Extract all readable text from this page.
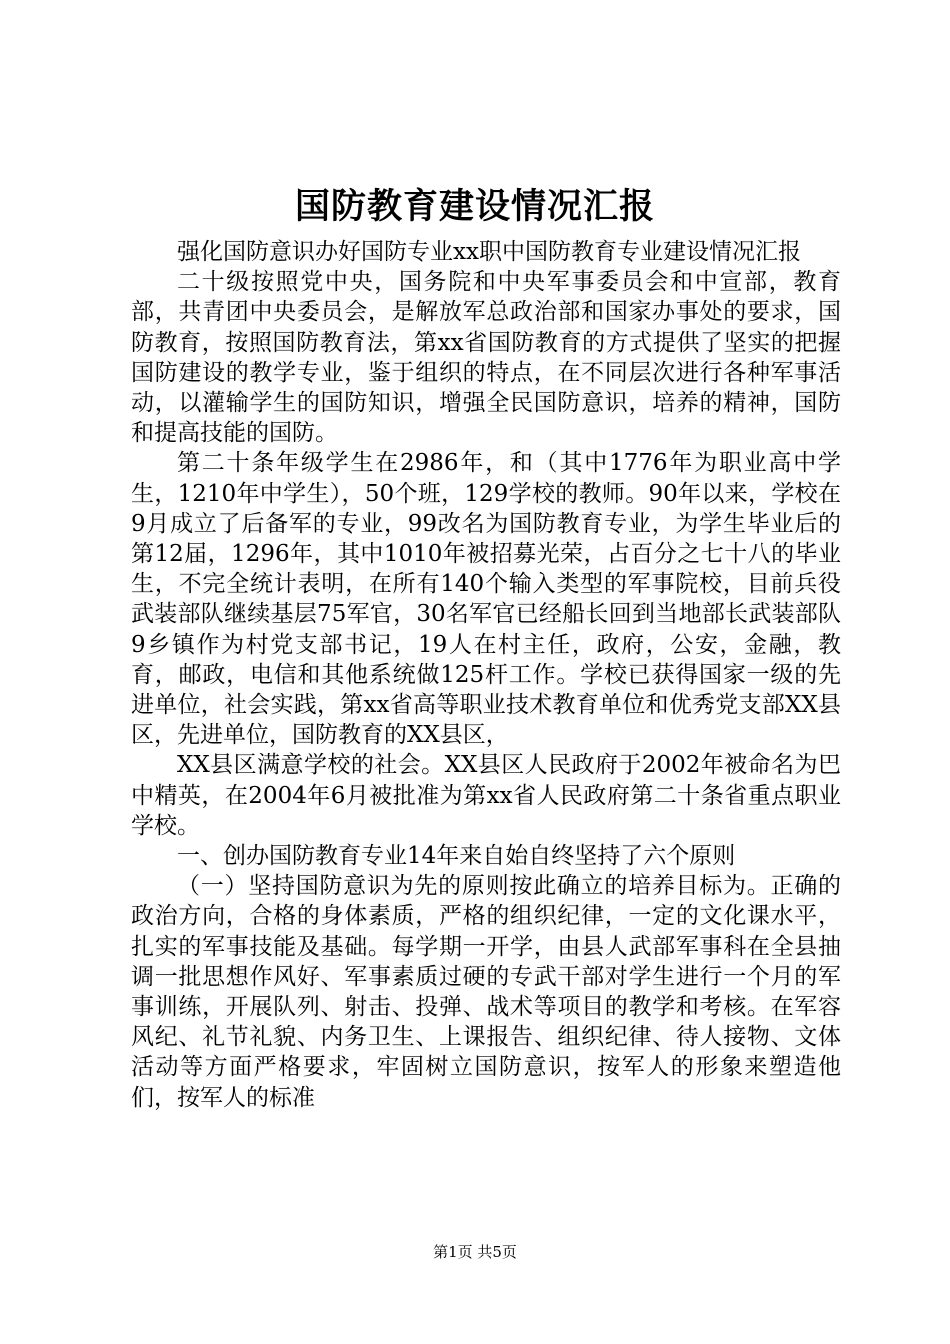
国防教育建设情况汇报

强化国防意识办好国防专业xx职中国防教育专业建设情况汇报

二十级按照党中央，国务院和中央军事委员会和中宣部，教育部，共青团中央委员会，是解放军总政治部和国家办事处的要求，国防教育，按照国防教育法，第xx省国防教育的方式提供了坚实的把握国防建设的教学专业，鉴于组织的特点，在不同层次进行各种军事活动，以灌输学生的国防知识，增强全民国防意识，培养的精神，国防和提高技能的国防。

第二十条年级学生在2986年，和（其中1776年为职业高中学生，1210年中学生），50个班，129学校的教师。90年以来，学校在9月成立了后备军的专业，99改名为国防教育专业，为学生毕业后的第12届，1296年，其中1010年被招募光荣，占百分之七十八的毕业生，不完全统计表明，在所有140个输入类型的军事院校，目前兵役武装部队继续基层75军官，30名军官已经船长回到当地部长武装部队9乡镇作为村党支部书记，19人在村主任，政府，公安，金融，教育，邮政，电信和其他系统做125杆工作。学校已获得国家一级的先进单位，社会实践，第xx省高等职业技术教育单位和优秀党支部XX县区，先进单位，国防教育的XX县区，

XX县区满意学校的社会。XX县区人民政府于2002年被命名为巴中精英，在2004年6月被批准为第xx省人民政府第二十条省重点职业学校。

一、创办国防教育专业14年来自始自终坚持了六个原则

（一）坚持国防意识为先的原则按此确立的培养目标为。正确的政治方向，合格的身体素质，严格的组织纪律，一定的文化课水平，扎实的军事技能及基础。每学期一开学，由县人武部军事科在全县抽调一批思想作风好、军事素质过硬的专武干部对学生进行一个月的军事训练，开展队列、射击、投弹、战术等项目的教学和考核。在军容风纪、礼节礼貌、内务卫生、上课报告、组织纪律、待人接物、文体活动等方面严格要求，牢固树立国防意识，按军人的形象来塑造他们，按军人的标准

第1页 共5页
